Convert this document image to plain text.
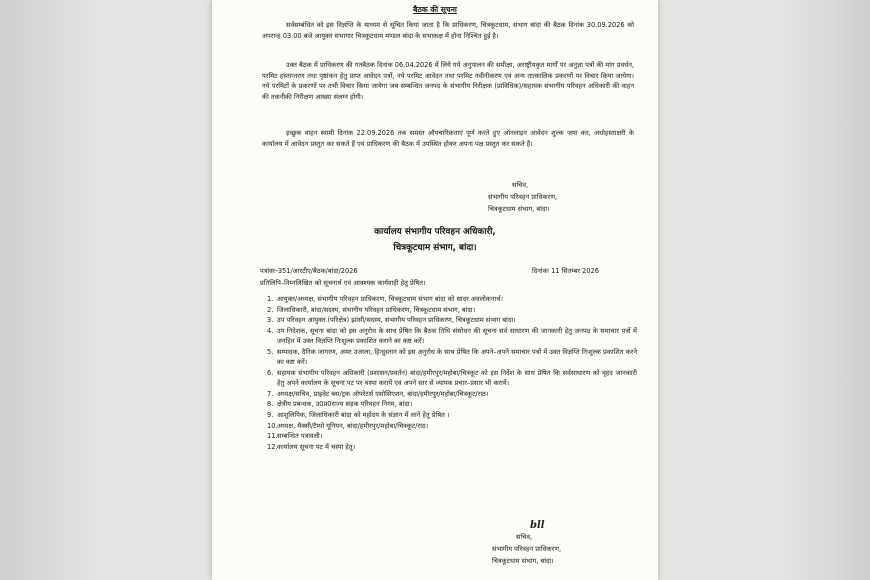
बैठक की सूचना
सर्वसम्बंधित को इस विज्ञप्ति के माध्यम से सूचित किया जाता है कि प्राधिकरण, चित्रकूटधाम, संभाग बांदा की बैठक दिनांक 30.09.2026 को अपरान्ह 03.00 बजे आयुक्त सभागार चित्रकूटधाम मण्डल बांदा के सभाकक्ष में होना निश्चित हुई है।
उक्त बैठक में प्राधिकरण की गतबैठक दिनांक 06.04.2026 में लिये गये अनुपालन की समीक्षा, अराष्ट्रीयकृत मार्गों पर अनुज्ञा पत्रों की मांग प्रवर्धन, परमिट हस्तान्तरण तथा पृष्ठांकन हेतु प्राप्त आवेदन पत्रों, नये परमिट आवेदन तथा परमिट नवीनीकरण एवं अन्य तात्कालिक प्रकरणों पर विचार किया जायेगा। नये परमिटों के प्रकरणों पर तभी विचार किया जायेगा जब सम्बन्धित जनपद के संभागीय निरीक्षक (प्राविधिक)/सहायक संभागीय परिवहन अधिकारी की वाहन की तकनीकी निरीक्षण आख्या संलग्न होगी।
इच्छुक वाहन स्वामी दिनांक 22.09.2026 तक समस्त औपचारिकताएं पूर्ण करते हुए ऑनलाइन आवेदन शुल्क जमा कर, अधोहस्ताक्षरी के कार्यालय में आवेदन प्रस्तुत कर सकते हैं एवं प्राधिकरण की बैठक में उपस्थित होकर अपना पक्ष प्रस्तुत कर सकते हैं।
सचिव,
संभागीय परिवहन प्राधिकरण,
चित्रकूटधाम संभाग, बांदा।
कार्यालय संभागीय परिवहन अधिकारी,
चित्रकूटधाम संभाग, बांदा।
पत्रांकः-351/आरटीए/बैठक/बांदा/2026	दिनांकः 11 सितम्बर 2026
प्रतिलिपि–निम्नलिखित को सूचनार्थ एवं आवश्यक कार्यवाही हेतु प्रेषित।
1. आयुक्त/अध्यक्ष, संभागीय परिवहन प्राधिकरण, चित्रकूटधाम संभाग बांदा को सादर अवलोकनार्थ।
2. जिलाधिकारी, बांदा/सदस्य, संभागीय परिवहन प्राधिकरण, चित्रकूटधाम संभाग, बांदा।
3. उप परिवहन आयुक्त (परिक्षेत्र) झांसी/सदस्य, संभागीय परिवहन प्राधिकरण, चित्रकूटधाम संभाग बांदा।
4. उप निदेशक, सूचना बांदा को इस अनुरोध के साथ प्रेषित कि बैठक तिथि संसोधन की सूचना सर्व साधारण की जानकारी हेतु जनपद के समाचार पत्रों में जनहित में उक्त विज्ञप्ति निःशुल्क प्रकाशित कराने का कष्ट करें।
5. सम्पादक, दैनिक जागरण, अमर उजाला, हिन्दुस्तान को इस अनुरोध के साथ प्रेषित कि अपने–अपने समाचार पत्रों में उक्त विज्ञप्ति निःशुल्क प्रकाशित करने का कष्ट करें।
6. सहायक संभागीय परिवहन अधिकारी (प्रशासन/प्रवर्तन) बांदा/हमीरपुर/महोबा/चित्रकूट को इस निर्देश के साथ प्रेषित कि सर्वसाधारण को वृहद जानकारी हेतु अपने कार्यालय के सूचना पट पर चस्पा करायें एवं अपने स्तर से व्यापक प्रचार–प्रसार भी करायें।
7. अध्यक्ष/सचिव, प्राइवेट बस/ट्रक ऑपरेटर्स एसोसिएशन, बांदा/हमीरपुर/महोबा/चित्रकूट/राठ।
8. क्षेत्रीय प्रबन्धक, उ0प्र0राज्य सड़क परिवहन निगम, बांदा।
9. आशुलिपिक, जिलाधिकारी बांदा को महोदय के संज्ञान में लाने हेतु प्रेषित ।
10. अध्यक्ष, मैक्सी/टैम्पो यूनियन, बांदा/हमीरपुर/महोबा/चित्रकूट/राठ।
11. सम्बन्धित पत्रावली।
12. कार्यालय सूचना पट में चस्पा हेतु।
bll
सचिव,
संभागीय परिवहन प्राधिकरण,
चित्रकूटधाम संभाग, बांदा।
